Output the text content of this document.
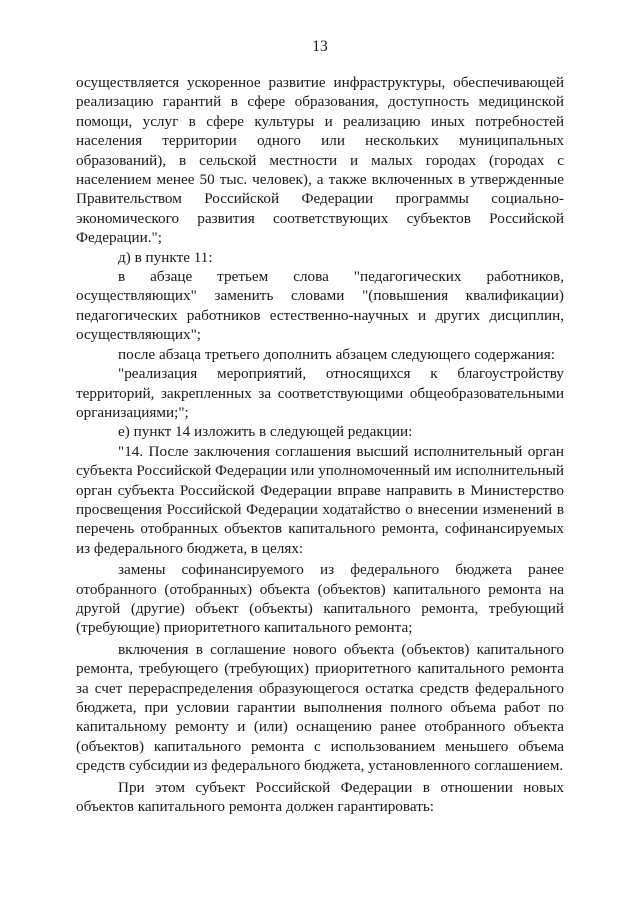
13

осуществляется ускоренное развитие инфраструктуры, обеспечивающей реализацию гарантий в сфере образования, доступность медицинской помощи, услуг в сфере культуры и реализацию иных потребностей населения территории одного или нескольких муниципальных образований), в сельской местности и малых городах (городах с населением менее 50 тыс. человек), а также включенных в утвержденные Правительством Российской Федерации программы социально-экономического развития соответствующих субъектов Российской Федерации.";

д) в пункте 11:

в абзаце третьем слова "педагогических работников, осуществляющих" заменить словами "(повышения квалификации) педагогических работников естественно-научных и других дисциплин, осуществляющих";

после абзаца третьего дополнить абзацем следующего содержания:

"реализация мероприятий, относящихся к благоустройству территорий, закрепленных за соответствующими общеобразовательными организациями;";

е) пункт 14 изложить в следующей редакции:

"14. После заключения соглашения высший исполнительный орган субъекта Российской Федерации или уполномоченный им исполнительный орган субъекта Российской Федерации вправе направить в Министерство просвещения Российской Федерации ходатайство о внесении изменений в перечень отобранных объектов капитального ремонта, софинансируемых из федерального бюджета, в целях:

замены софинансируемого из федерального бюджета ранее отобранного (отобранных) объекта (объектов) капитального ремонта на другой (другие) объект (объекты) капитального ремонта, требующий (требующие) приоритетного капитального ремонта;

включения в соглашение нового объекта (объектов) капитального ремонта, требующего (требующих) приоритетного капитального ремонта за счет перераспределения образующегося остатка средств федерального бюджета, при условии гарантии выполнения полного объема работ по капитальному ремонту и (или) оснащению ранее отобранного объекта (объектов) капитального ремонта с использованием меньшего объема средств субсидии из федерального бюджета, установленного соглашением.

При этом субъект Российской Федерации в отношении новых объектов капитального ремонта должен гарантировать:
